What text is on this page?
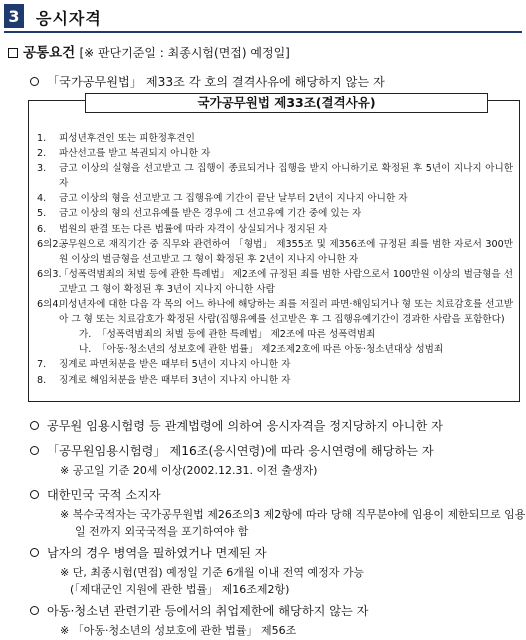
3 응시자격
공통요건 [※ 판단기준일 : 최종시험(면접) 예정일]
「국가공무원법」 제33조 각 호의 결격사유에 해당하지 않는 자
국가공무원법 제33조(결격사유)
1. 피성년후견인 또는 피한정후견인
2. 파산선고를 받고 복권되지 아니한 자
3. 금고 이상의 실형을 선고받고 그 집행이 종료되거나 집행을 받지 아니하기로 확정된 후 5년이 지나지 아니한 자
4. 금고 이상의 형을 선고받고 그 집행유예 기간이 끝난 날부터 2년이 지나지 아니한 자
5. 금고 이상의 형의 선고유예를 받은 경우에 그 선고유예 기간 중에 있는 자
6. 법원의 판결 또는 다른 법률에 따라 자격이 상실되거나 정지된 자
6의2.
공무원으로 재직기간 중 직무와 관련하여 「형법」 제355조 및 제356조에 규정된 죄를 범한 자로서 300만원 이상의 벌금형을 선고받고 그 형이 확정된 후 2년이 지나지 아니한 자
6의3.
「성폭력범죄의 처벌 등에 관한 특례법」 제2조에 규정된 죄를 범한 사람으로서 100만원 이상의 벌금형을 선고받고 그 형이 확정된 후 3년이 지나지 아니한 사람
6의4.
미성년자에 대한 다음 각 목의 어느 하나에 해당하는 죄를 저질러 파면·해임되거나 형 또는 치료감호를 선고받아 그 형 또는 치료감호가 확정된 사람(집행유예를 선고받은 후 그 집행유예기간이 경과한 사람을 포함한다)
가. 「성폭력범죄의 처벌 등에 관한 특례법」 제2조에 따른 성폭력범죄
나. 「아동·청소년의 성보호에 관한 법률」 제2조제2호에 따른 아동·청소년대상 성범죄
7. 징계로 파면처분을 받은 때부터 5년이 지나지 아니한 자
8. 징계로 해임처분을 받은 때부터 3년이 지나지 아니한 자
공무원 임용시험령 등 관계법령에 의하여 응시자격을 정지당하지 아니한 자
「공무원임용시험령」 제16조(응시연령)에 따라 응시연령에 해당하는 자
※ 공고일 기준 20세 이상(2002.12.31. 이전 출생자)
대한민국 국적 소지자
※ 복수국적자는 국가공무원법 제26조의3 제2항에 따라 당해 직무분야에 임용이 제한되므로 임용일 전까지 외국국적을 포기하여야 함
남자의 경우 병역을 필하였거나 면제된 자
※ 단, 최종시험(면접) 예정일 기준 6개월 이내 전역 예정자 가능
(「제대군인 지원에 관한 법률」 제16조제2항)
아동·청소년 관련기관 등에서의 취업제한에 해당하지 않는 자
※ 「아동·청소년의 성보호에 관한 법률」 제56조
